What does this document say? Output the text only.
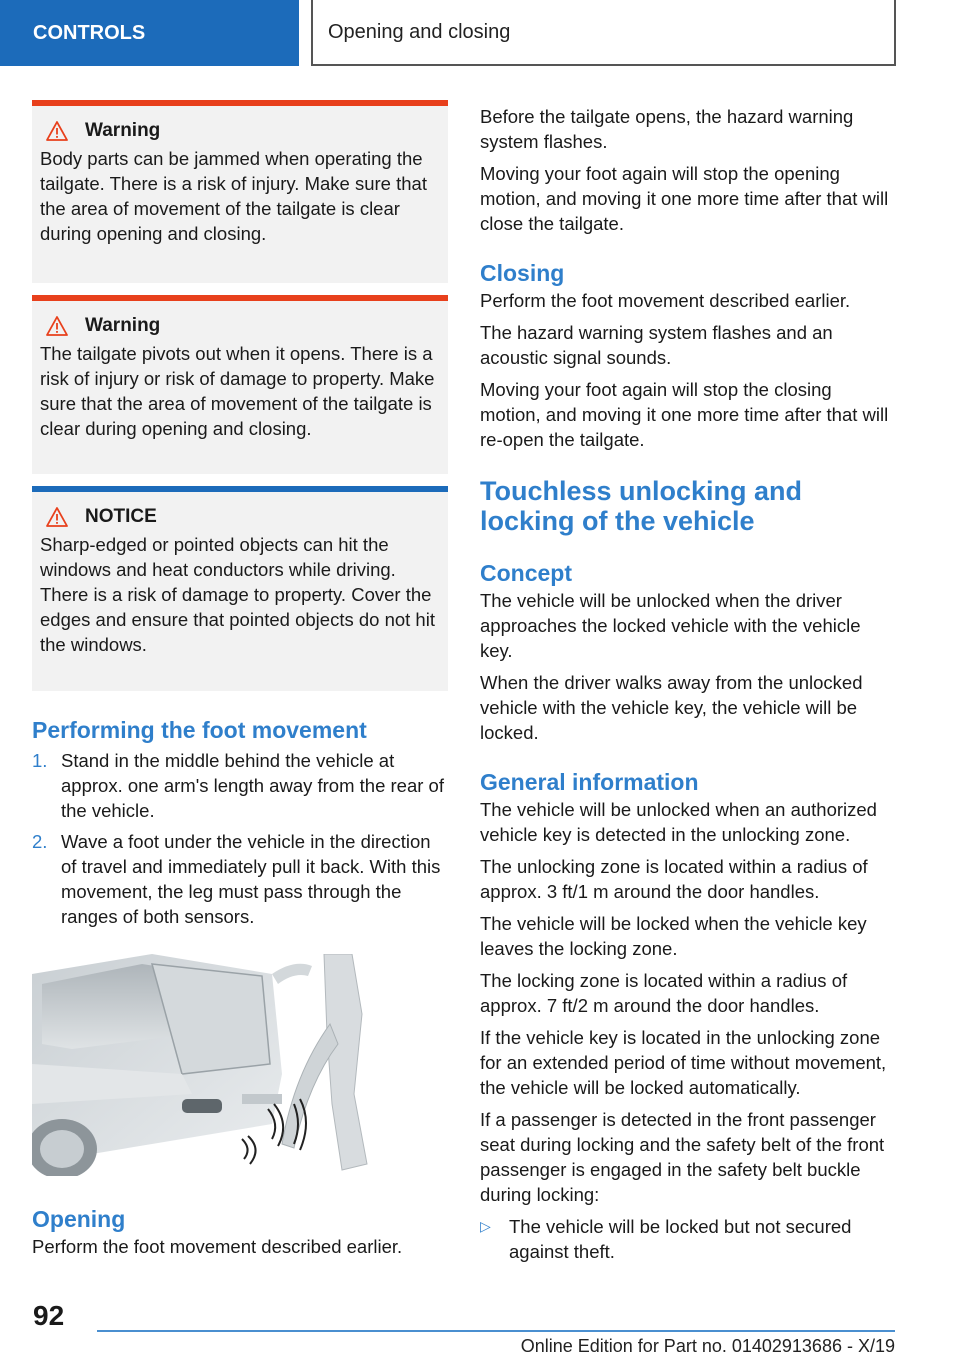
CONTROLS	Opening and closing
Warning

Body parts can be jammed when operating the tailgate. There is a risk of injury. Make sure that the area of movement of the tailgate is clear during opening and closing.

Warning

The tailgate pivots out when it opens. There is a risk of injury or risk of damage to property. Make sure that the area of movement of the tailgate is clear during opening and closing.

NOTICE

Sharp-edged or pointed objects can hit the windows and heat conductors while driving. There is a risk of damage to property. Cover the edges and ensure that pointed objects do not hit the windows.

Performing the foot movement
1. Stand in the middle behind the vehicle at approx. one arm's length away from the rear of the vehicle.
2. Wave a foot under the vehicle in the direction of travel and immediately pull it back. With this movement, the leg must pass through the ranges of both sensors.
Opening

Perform the foot movement described earlier.

Before the tailgate opens, the hazard warning system flashes.

Moving your foot again will stop the opening motion, and moving it one more time after that will close the tailgate.

Closing

Perform the foot movement described earlier.

The hazard warning system flashes and an acoustic signal sounds.

Moving your foot again will stop the closing motion, and moving it one more time after that will re-open the tailgate.

Touchless unlocking and locking of the vehicle
Concept

The vehicle will be unlocked when the driver approaches the locked vehicle with the vehicle key.

When the driver walks away from the unlocked vehicle with the vehicle key, the vehicle will be locked.

General information

The vehicle will be unlocked when an authorized vehicle key is detected in the unlocking zone.

The unlocking zone is located within a radius of approx. 3 ft/1 m around the door handles.

The vehicle will be locked when the vehicle key leaves the locking zone.

The locking zone is located within a radius of approx. 7 ft/2 m around the door handles.

If the vehicle key is located in the unlocking zone for an extended period of time without movement, the vehicle will be locked automatically.

If a passenger is detected in the front passenger seat during locking and the safety belt of the front passenger is engaged in the safety belt buckle during locking:

▷ The vehicle will be locked but not secured against theft.
92
Online Edition for Part no. 01402913686 - X/19
